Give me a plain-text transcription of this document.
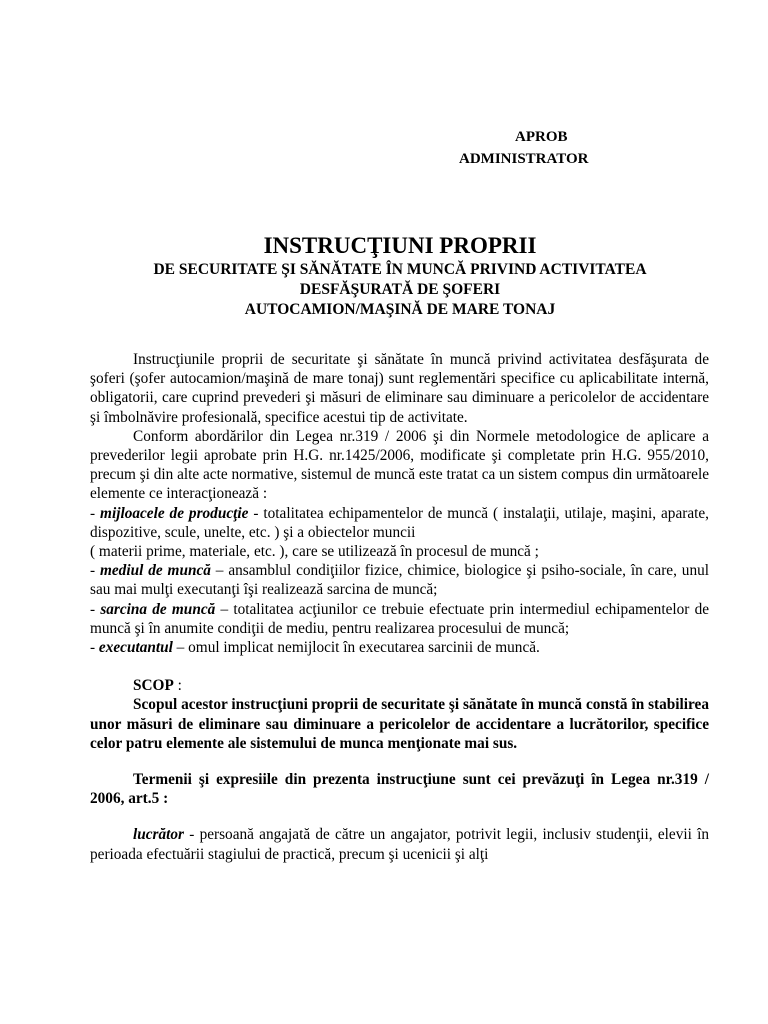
APROB
ADMINISTRATOR
INSTRUCŢIUNI PROPRII
DE SECURITATE ŞI SĂNĂTATE ÎN MUNCĂ PRIVIND ACTIVITATEA
DESFĂŞURATĂ DE ŞOFERI
AUTOCAMION/MAŞINĂ DE MARE TONAJ

Instrucţiunile proprii de securitate şi sănătate în muncă privind activitatea desfăşurata de şoferi (şofer autocamion/maşină de mare tonaj) sunt reglementări specifice cu aplicabilitate internă, obligatorii, care cuprind prevederi şi măsuri de eliminare sau diminuare a pericolelor de accidentare şi îmbolnăvire profesională, specifice acestui tip de activitate.

Conform abordărilor din Legea nr.319 / 2006 şi din Normele metodologice de aplicare a prevederilor legii aprobate prin H.G. nr.1425/2006, modificate şi completate prin H.G. 955/2010, precum şi din alte acte normative, sistemul de muncă este tratat ca un sistem compus din următoarele elemente ce interacţionează :

- mijloacele de producţie - totalitatea echipamentelor de muncă ( instalaţii, utilaje, maşini, aparate, dispozitive, scule, unelte, etc. ) şi a obiectelor muncii

( materii prime, materiale, etc. ), care se utilizează în procesul de muncă ;

- mediul de muncă – ansamblul condiţiilor fizice, chimice, biologice şi psiho-sociale, în care, unul sau mai mulţi executanţi îşi realizează sarcina de muncă;

- sarcina de muncă – totalitatea acţiunilor ce trebuie efectuate prin intermediul echipamentelor de muncă şi în anumite condiţii de mediu, pentru realizarea procesului de muncă;

- executantul – omul implicat nemijlocit în executarea sarcinii de muncă.

SCOP :

Scopul acestor instrucţiuni proprii de securitate şi sănătate în muncă constă în stabilirea unor măsuri de eliminare sau diminuare a pericolelor de accidentare a lucrătorilor, specifice celor patru elemente ale sistemului de munca menţionate mai sus.

Termenii şi expresiile din prezenta instrucţiune sunt cei prevăzuţi în Legea nr.319 / 2006, art.5 :

lucrător - persoană angajată de către un angajator, potrivit legii, inclusiv studenţii, elevii în perioada efectuării stagiului de practică, precum şi ucenicii şi alţi
